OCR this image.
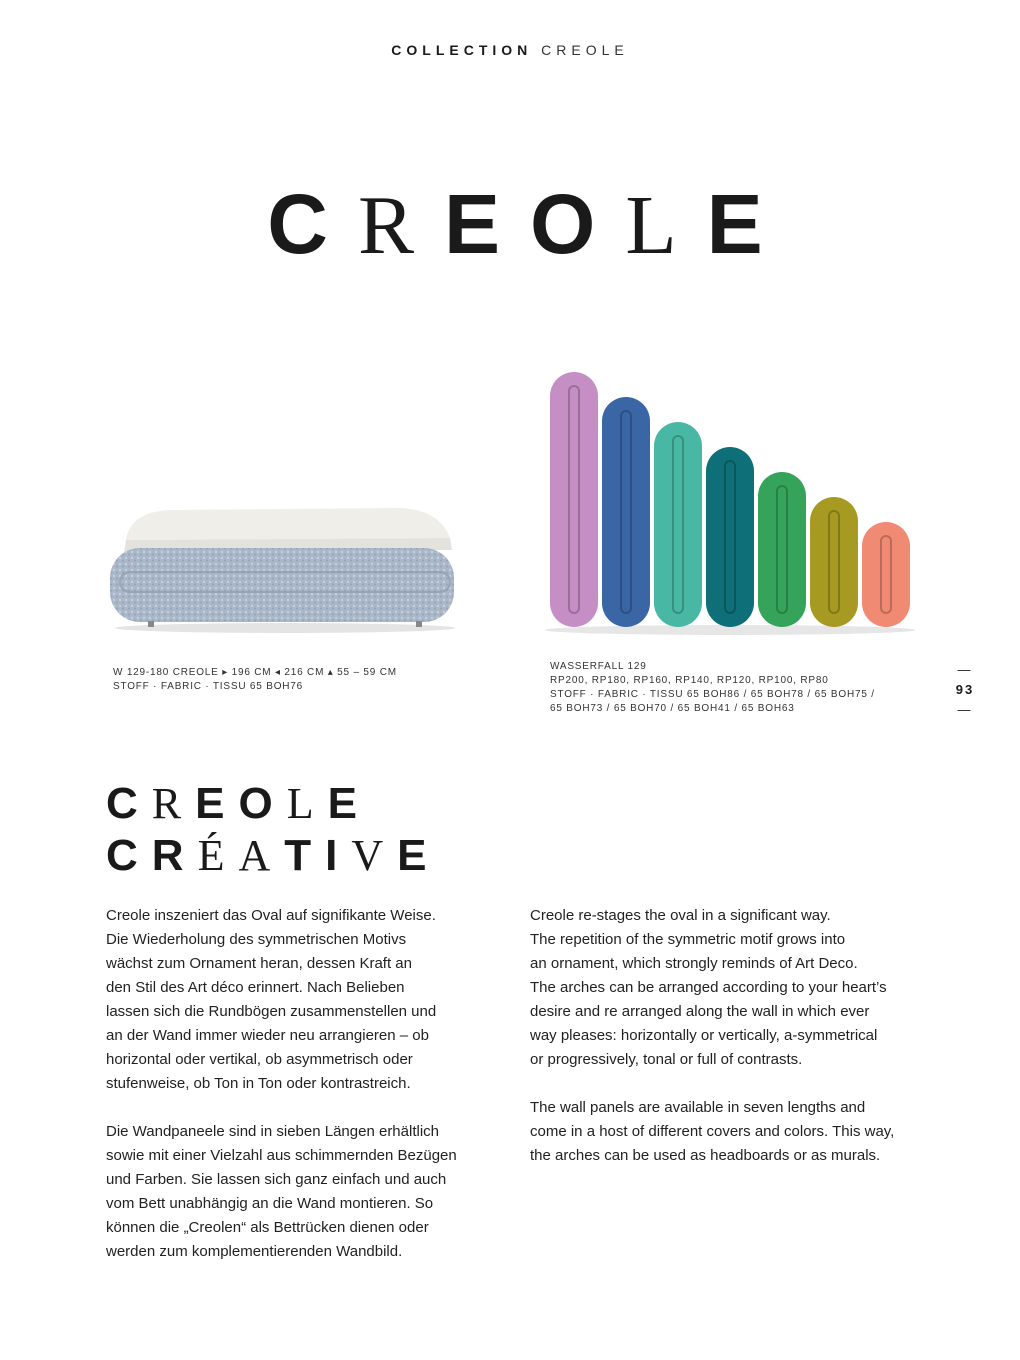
COLLECTION CREOLE
CREOLE
W 129-180 CREOLE ▸ 196 CM ◂ 216 CM ▴ 55 – 59 CM
STOFF · FABRIC · TISSU 65 BOH76
WASSERFALL 129
RP200, RP180, RP160, RP140, RP120, RP100, RP80
STOFF · FABRIC · TISSU 65 BOH86 / 65 BOH78 / 65 BOH75 /
65 BOH73 / 65 BOH70 / 65 BOH41 / 65 BOH63
—
93
—
CREOLE
CRÉATIVE

Creole inszeniert das Oval auf signifikante Weise.
Die Wiederholung des symmetrischen Motivs
wächst zum Ornament heran, dessen Kraft an
den Stil des Art déco erinnert. Nach Belieben
lassen sich die Rundbögen zusammenstellen und
an der Wand immer wieder neu arrangieren – ob
horizontal oder vertikal, ob asymmetrisch oder
stufenweise, ob Ton in Ton oder kontrastreich.

Die Wandpaneele sind in sieben Längen erhältlich
sowie mit einer Vielzahl aus schimmernden Bezügen
und Farben. Sie lassen sich ganz einfach und auch
vom Bett unabhängig an die Wand montieren. So
können die „Creolen“ als Bettrücken dienen oder
werden zum komplementierenden Wandbild.

Creole re-stages the oval in a significant way.
The repetition of the symmetric motif grows into
an ornament, which strongly reminds of Art Deco.
The arches can be arranged according to your heart’s
desire and re arranged along the wall in which ever
way pleases: horizontally or vertically, a-symmetrical
or progressively, tonal or full of contrasts.

The wall panels are available in seven lengths and
come in a host of different covers and colors. This way,
the arches can be used as headboards or as murals.
